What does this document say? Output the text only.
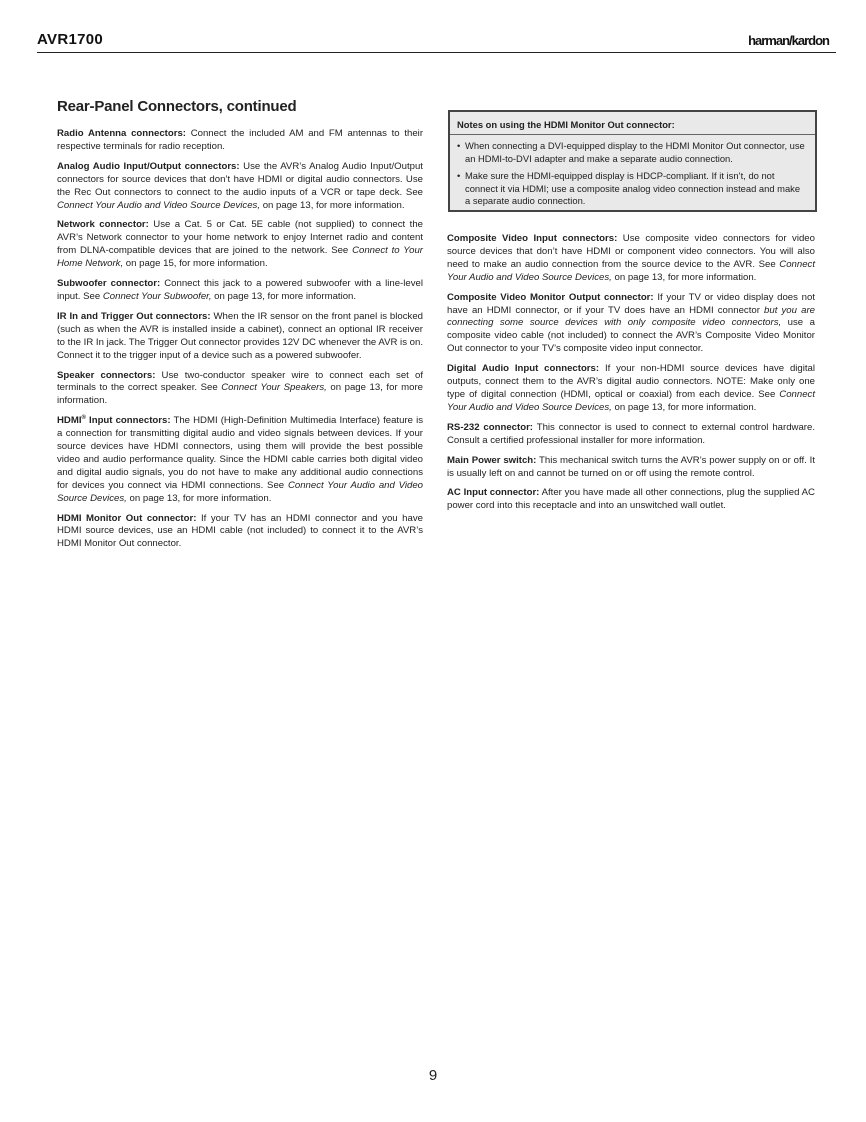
AVR1700	harman/kardon
Rear-Panel Connectors, continued

Radio Antenna connectors: Connect the included AM and FM antennas to their respective terminals for radio reception.

Analog Audio Input/Output connectors: Use the AVR’s Analog Audio Input/Output connectors for source devices that don’t have HDMI or digital audio connectors. Use the Rec Out connectors to connect to the audio inputs of a VCR or tape deck. See Connect Your Audio and Video Source Devices, on page 13, for more information.

Network connector: Use a Cat. 5 or Cat. 5E cable (not supplied) to connect the AVR’s Network connector to your home network to enjoy Internet radio and content from DLNA-compatible devices that are joined to the network. See Connect to Your Home Network, on page 15, for more information.

Subwoofer connector: Connect this jack to a powered subwoofer with a line-level input. See Connect Your Subwoofer, on page 13, for more information.

IR In and Trigger Out connectors: When the IR sensor on the front panel is blocked (such as when the AVR is installed inside a cabinet), connect an optional IR receiver to the IR In jack. The Trigger Out connector provides 12V DC whenever the AVR is on. Connect it to the trigger input of a device such as a powered subwoofer.

Speaker connectors: Use two-conductor speaker wire to connect each set of terminals to the correct speaker. See Connect Your Speakers, on page 13, for more information.

HDMI® Input connectors: The HDMI (High-Definition Multimedia Interface) feature is a connection for transmitting digital audio and video signals between devices. If your source devices have HDMI connectors, using them will provide the best possible video and audio performance quality. Since the HDMI cable carries both digital video and digital audio signals, you do not have to make any additional audio connections for devices you connect via HDMI connections. See Connect Your Audio and Video Source Devices, on page 13, for more information.

HDMI Monitor Out connector: If your TV has an HDMI connector and you have HDMI source devices, use an HDMI cable (not included) to connect it to the AVR’s HDMI Monitor Out connector.

Notes on using the HDMI Monitor Out connector:
• When connecting a DVI-equipped display to the HDMI Monitor Out connector, use an HDMI-to-DVI adapter and make a separate audio connection.
• Make sure the HDMI-equipped display is HDCP-compliant. If it isn’t, do not connect it via HDMI; use a composite analog video connection instead and make a separate audio connection.

Composite Video Input connectors: Use composite video connectors for video source devices that don’t have HDMI or component video connectors. You will also need to make an audio connection from the source device to the AVR. See Connect Your Audio and Video Source Devices, on page 13, for more information.

Composite Video Monitor Output connector: If your TV or video display does not have an HDMI connector, or if your TV does have an HDMI connector but you are connecting some source devices with only composite video connectors, use a composite video cable (not included) to connect the AVR’s Composite Video Monitor Out connector to your TV’s composite video input connector.

Digital Audio Input connectors: If your non-HDMI source devices have digital outputs, connect them to the AVR’s digital audio connectors. NOTE: Make only one type of digital connection (HDMI, optical or coaxial) from each device. See Connect Your Audio and Video Source Devices, on page 13, for more information.

RS-232 connector: This connector is used to connect to external control hardware. Consult a certified professional installer for more information.

Main Power switch: This mechanical switch turns the AVR’s power supply on or off. It is usually left on and cannot be turned on or off using the remote control.

AC Input connector: After you have made all other connections, plug the supplied AC power cord into this receptacle and into an unswitched wall outlet.

9
